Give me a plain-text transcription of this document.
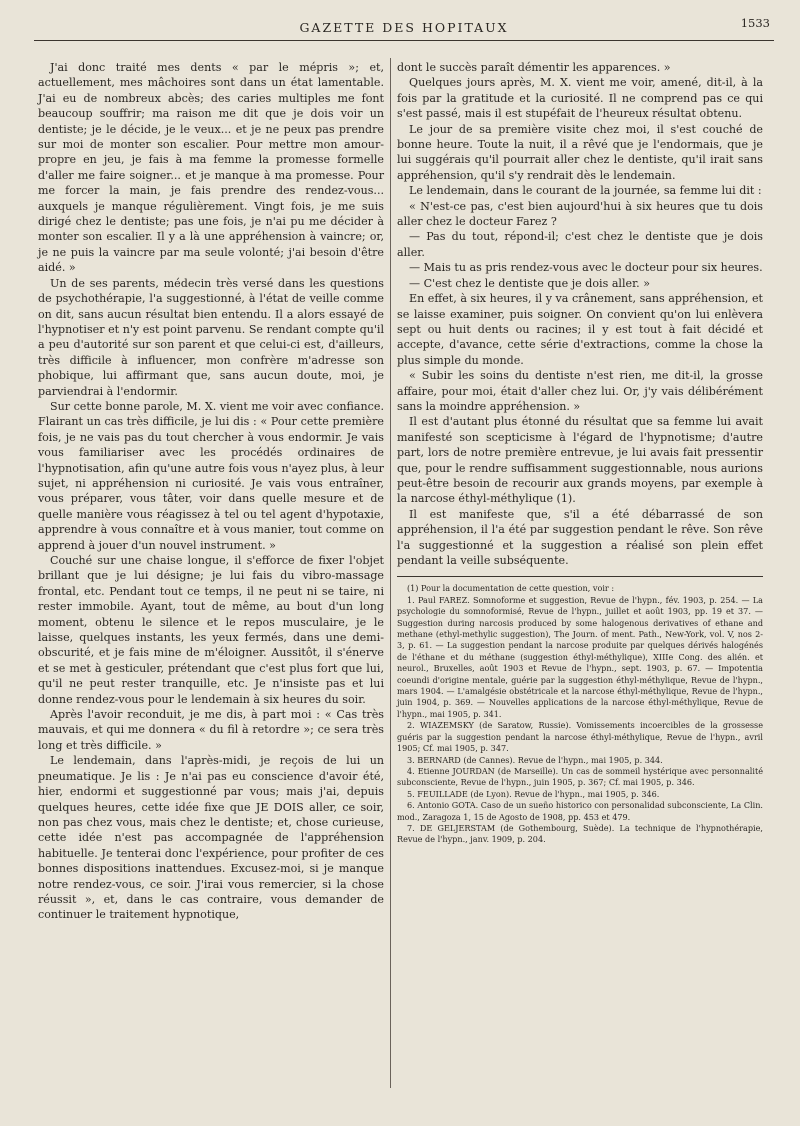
GAZETTE DES HOPITAUX	1533

J'ai donc traité mes dents « par le mépris »; et, actuellement, mes mâchoires sont dans un état lamentable. J'ai eu de nombreux abcès; des caries multiples me font beaucoup souffrir; ma raison me dit que je dois voir un dentiste; je le décide, je le veux... et je ne peux pas prendre sur moi de monter son escalier. Pour mettre mon amour-propre en jeu, je fais à ma femme la promesse formelle d'aller me faire soigner... et je manque à ma promesse. Pour me forcer la main, je fais prendre des rendez-vous... auxquels je manque régulièrement. Vingt fois, je me suis dirigé chez le dentiste; pas une fois, je n'ai pu me décider à monter son escalier. Il y a là une appréhension à vaincre; or, je ne puis la vaincre par ma seule volonté; j'ai besoin d'être aidé. »

Un de ses parents, médecin très versé dans les questions de psychothérapie, l'a suggestionné, à l'état de veille comme on dit, sans aucun résultat bien entendu. Il a alors essayé de l'hypnotiser et n'y est point parvenu. Se rendant compte qu'il a peu d'autorité sur son parent et que celui-ci est, d'ailleurs, très difficile à influencer, mon confrère m'adresse son phobique, lui affirmant que, sans aucun doute, moi, je parviendrai à l'endormir.

Sur cette bonne parole, M. X. vient me voir avec confiance. Flairant un cas très difficile, je lui dis : « Pour cette première fois, je ne vais pas du tout chercher à vous endormir. Je vais vous familiariser avec les procédés ordinaires de l'hypnotisation, afin qu'une autre fois vous n'ayez plus, à leur sujet, ni appréhension ni curiosité. Je vais vous entraîner, vous préparer, vous tâter, voir dans quelle mesure et de quelle manière vous réagissez à tel ou tel agent d'hypotaxie, apprendre à vous connaître et à vous manier, tout comme on apprend à jouer d'un nouvel instrument. »

Couché sur une chaise longue, il s'efforce de fixer l'objet brillant que je lui désigne; je lui fais du vibro-massage frontal, etc. Pendant tout ce temps, il ne peut ni se taire, ni rester immobile. Ayant, tout de même, au bout d'un long moment, obtenu le silence et le repos musculaire, je le laisse, quelques instants, les yeux fermés, dans une demi-obscurité, et je fais mine de m'éloigner. Aussitôt, il s'énerve et se met à gesticuler, prétendant que c'est plus fort que lui, qu'il ne peut rester tranquille, etc. Je n'insiste pas et lui donne rendez-vous pour le lendemain à six heures du soir.

Après l'avoir reconduit, je me dis, à part moi : « Cas très mauvais, et qui me donnera « du fil à retordre »; ce sera très long et très difficile. »

Le lendemain, dans l'après-midi, je reçois de lui un pneumatique. Je lis : Je n'ai pas eu conscience d'avoir été, hier, endormi et suggestionné par vous; mais j'ai, depuis quelques heures, cette idée fixe que JE DOIS aller, ce soir, non pas chez vous, mais chez le dentiste; et, chose curieuse, cette idée n'est pas accompagnée de l'appréhension habituelle. Je tenterai donc l'expérience, pour profiter de ces bonnes dispositions inattendues. Excusez-moi, si je manque notre rendez-vous, ce soir. J'irai vous remercier, si la chose réussit », et, dans le cas contraire, vous demander de continuer le traitement hypnotique,

dont le succès paraît démentir les apparences. »

Quelques jours après, M. X. vient me voir, amené, dit-il, à la fois par la gratitude et la curiosité. Il ne comprend pas ce qui s'est passé, mais il est stupéfait de l'heureux résultat obtenu.

Le jour de sa première visite chez moi, il s'est couché de bonne heure. Toute la nuit, il a rêvé que je l'endormais, que je lui suggérais qu'il pourrait aller chez le dentiste, qu'il irait sans appréhension, qu'il s'y rendrait dès le lendemain.

Le lendemain, dans le courant de la journée, sa femme lui dit :

« N'est-ce pas, c'est bien aujourd'hui à six heures que tu dois aller chez le docteur Farez ?

— Pas du tout, répond-il; c'est chez le dentiste que je dois aller.

— Mais tu as pris rendez-vous avec le docteur pour six heures.

— C'est chez le dentiste que je dois aller. »

En effet, à six heures, il y va crânement, sans appréhension, et se laisse examiner, puis soigner. On convient qu'on lui enlèvera sept ou huit dents ou racines; il y est tout à fait décidé et accepte, d'avance, cette série d'extractions, comme la chose la plus simple du monde.

« Subir les soins du dentiste n'est rien, me dit-il, la grosse affaire, pour moi, était d'aller chez lui. Or, j'y vais délibérément sans la moindre appréhension. »

Il est d'autant plus étonné du résultat que sa femme lui avait manifesté son scepticisme à l'égard de l'hypnotisme; d'autre part, lors de notre première entrevue, je lui avais fait pressentir que, pour le rendre suffisamment suggestionnable, nous aurions peut-être besoin de recourir aux grands moyens, par exemple à la narcose éthyl-méthylique (1).

Il est manifeste que, s'il a été débarrassé de son appréhension, il l'a été par suggestion pendant le rêve. Son rêve l'a suggestionné et la suggestion a réalisé son plein effet pendant la veille subséquente.

(1) Pour la documentation de cette question, voir :

1. Paul FAREZ. Somnoforme et suggestion, Revue de l'hypn., fév. 1903, p. 254. — La psychologie du somnoformisé, Revue de l'hypn., juillet et août 1903, pp. 19 et 37. — Suggestion during narcosis produced by some halogenous derivatives of ethane and methane (ethyl-methylic suggestion), The Journ. of ment. Path., New-York, vol. V, nos 2-3, p. 61. — La suggestion pendant la narcose produite par quelques dérivés halogénés de l'éthane et du méthane (suggestion éthyl-méthylique), XIIIe Cong. des alién. et neurol., Bruxelles, août 1903 et Revue de l'hypn., sept. 1903, p. 67. — Impotentia coeundi d'origine mentale, guérie par la suggestion éthyl-méthylique, Revue de l'hypn., mars 1904. — L'amalgésie obstétricale et la narcose éthyl-méthylique, Revue de l'hypn., juin 1904, p. 369. — Nouvelles applications de la narcose éthyl-méthylique, Revue de l'hypn., mai 1905, p. 341.

2. WIAZEMSKY (de Saratow, Russie). Vomissements incoercibles de la grossesse guéris par la suggestion pendant la narcose éthyl-méthylique, Revue de l'hypn., avril 1905; Cf. mai 1905, p. 347.

3. BERNARD (de Cannes). Revue de l'hypn., mai 1905, p. 344.

4. Etienne JOURDAN (de Marseille). Un cas de sommeil hystérique avec personnalité subconsciente, Revue de l'hypn., juin 1905, p. 367; Cf. mai 1905, p. 346.

5. FEUILLADE (de Lyon). Revue de l'hypn., mai 1905, p. 346.

6. Antonio GOTA. Caso de un sueño historico con personalidad subconsciente, La Clin. mod., Zaragoza 1, 15 de Agosto de 1908, pp. 453 et 479.

7. DE GELJERSTAM (de Gothembourg, Suède). La technique de l'hypnothérapie, Revue de l'hypn., janv. 1909, p. 204.
